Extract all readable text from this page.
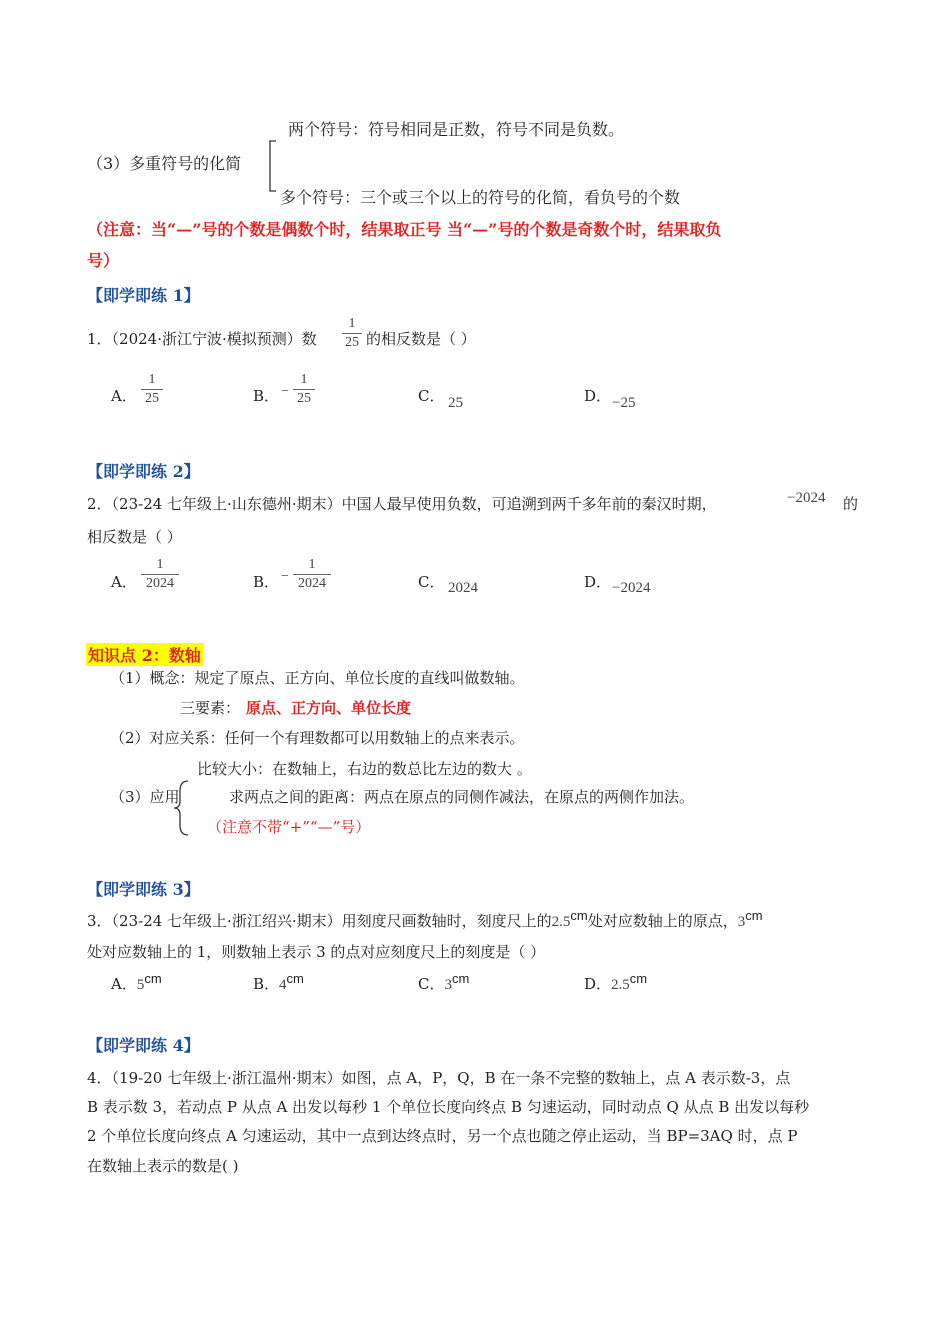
两个符号：符号相同是正数，符号不同是负数。
（3）多重符号的化简
多个符号：三个或三个以上的符号的化简，看负号的个数
（注意：当“—”号的个数是偶数个时，结果取正号 当“—”号的个数是奇数个时，结果取负
号）
【即学即练 1】
1．（2024·浙江宁波·模拟预测）数
1
25 的相反数是（ ）
A．
1
25	B． −
1
25	C． 25	D． −25
【即学即练 2】
2．（23-24 七年级上·山东德州·期末）中国人最早使用负数，可追溯到两千多年前的秦汉时期，	−2024 的
相反数是（ ）
A．
1
2024	B． −
1
2024	C． 2024	D． −2024
知识点 2：数轴
（1）概念：规定了原点、正方向、单位长度的直线叫做数轴。
三要素： 原点、正方向、单位长度
（2）对应关系：任何一个有理数都可以用数轴上的点来表示。
比较大小：在数轴上，右边的数总比左边的数大 。
（3）应用	求两点之间的距离：两点在原点的同侧作减法，在原点的两侧作加法。
（注意不带“+”“—”号）
【即学即练 3】
3．（23-24 七年级上·浙江绍兴·期末）用刻度尺画数轴时，刻度尺上的2.5cm处对应数轴上的原点，3cm
处对应数轴上的 1，则数轴上表示 3 的点对应刻度尺上的刻度是（ ）
A．5cm	B．4cm	C．3cm	D．2.5cm
【即学即练 4】
4．（19-20 七年级上·浙江温州·期末）如图，点 A，P，Q，B 在一条不完整的数轴上，点 A 表示数-3，点
B 表示数 3，若动点 P 从点 A 出发以每秒 1 个单位长度向终点 B 匀速运动，同时动点 Q 从点 B 出发以每秒
2 个单位长度向终点 A 匀速运动，其中一点到达终点时，另一个点也随之停止运动，当 BP=3AQ 时，点 P
在数轴上表示的数是( )
